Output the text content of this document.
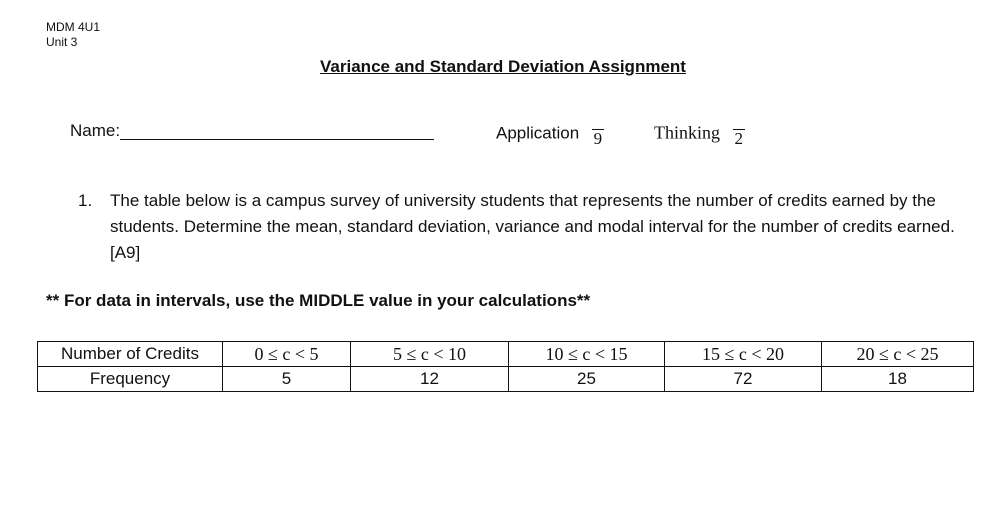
MDM 4U1
Unit 3
Variance and Standard Deviation Assignment
Name:	Application 9	Thinking 2
1. The table below is a campus survey of university students that represents the number of credits earned by the students. Determine the mean, standard deviation, variance and modal interval for the number of credits earned. [A9]
** For data in intervals, use the MIDDLE value in your calculations**
Number of Credits	0 ≤ c < 5	5 ≤ c < 10	10 ≤ c < 15	15 ≤ c < 20	20 ≤ c < 25
Frequency	5	12	25	72	18
